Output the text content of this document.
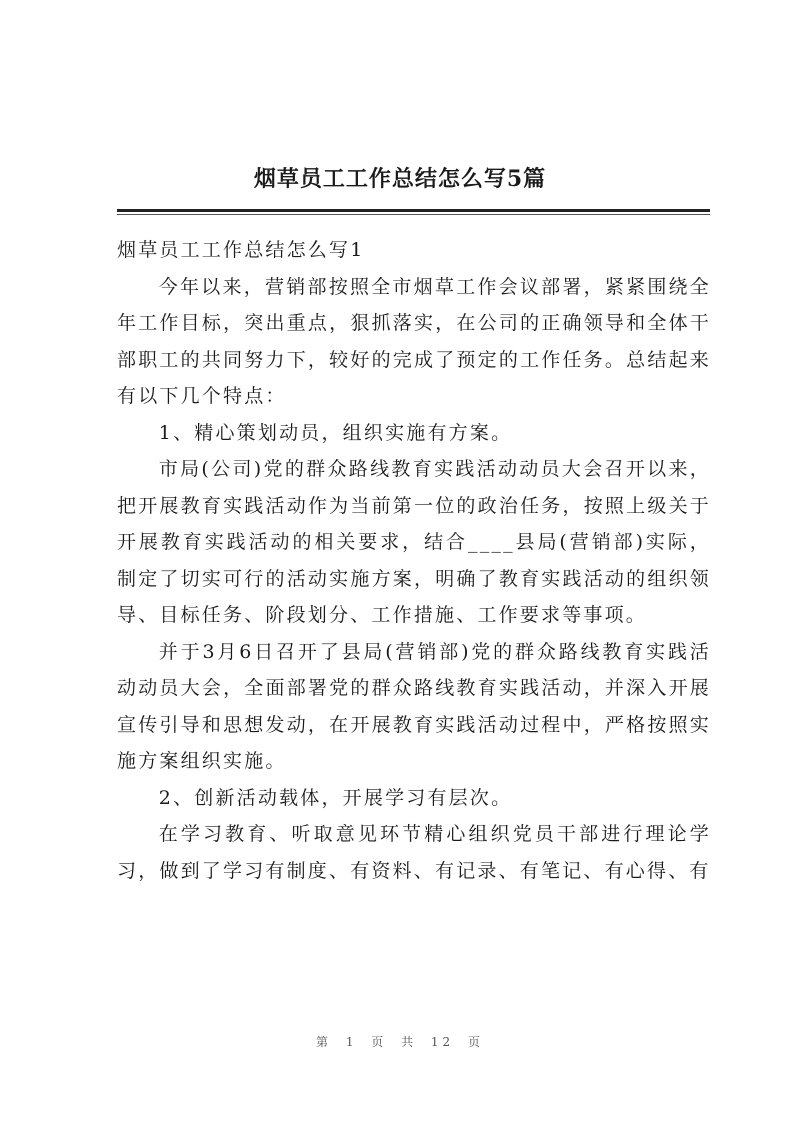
烟草员工工作总结怎么写5篇

烟草员工工作总结怎么写1

今年以来，营销部按照全市烟草工作会议部署，紧紧围绕全年工作目标，突出重点，狠抓落实，在公司的正确领导和全体干部职工的共同努力下，较好的完成了预定的工作任务。总结起来有以下几个特点：

1、精心策划动员，组织实施有方案。

市局(公司)党的群众路线教育实践活动动员大会召开以来，把开展教育实践活动作为当前第一位的政治任务，按照上级关于开展教育实践活动的相关要求，结合____县局(营销部)实际，制定了切实可行的活动实施方案，明确了教育实践活动的组织领导、目标任务、阶段划分、工作措施、工作要求等事项。

并于3月6日召开了县局(营销部)党的群众路线教育实践活动动员大会，全面部署党的群众路线教育实践活动，并深入开展宣传引导和思想发动，在开展教育实践活动过程中，严格按照实施方案组织实施。

2、创新活动载体，开展学习有层次。

在学习教育、听取意见环节精心组织党员干部进行理论学习，做到了学习有制度、有资料、有记录、有笔记、有心得、有

第 1 页 共 12 页
